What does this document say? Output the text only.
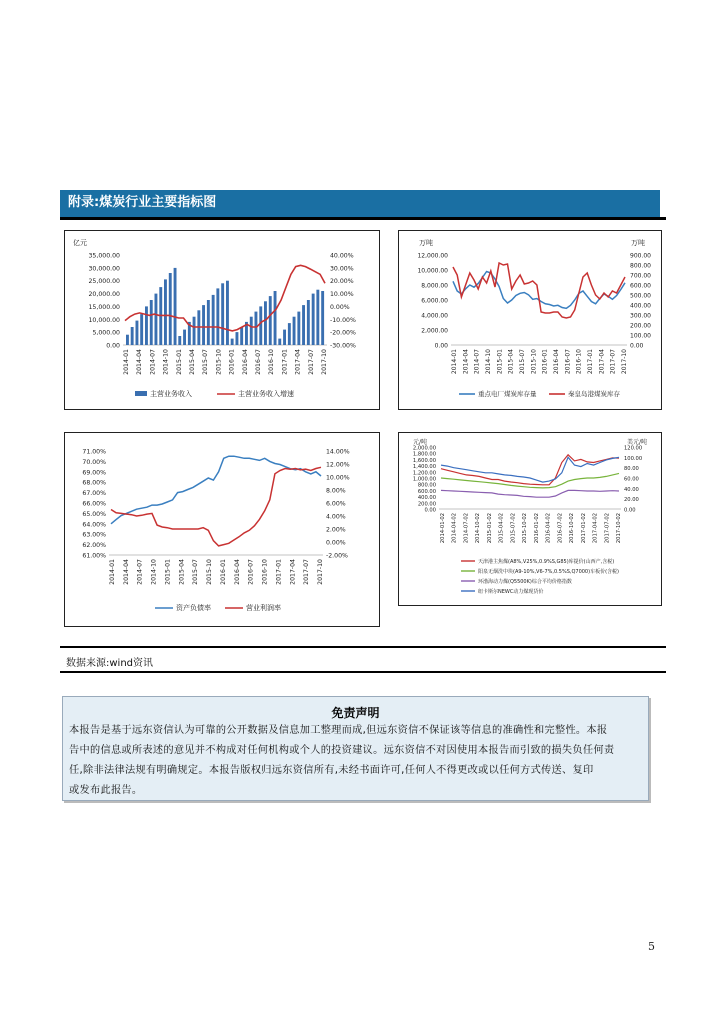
附录:煤炭行业主要指标图
亿元
35,000.00
30,000.00
25,000.00
20,000.00
15,000.00
10,000.00
5,000.00
0.00
40.00%
30.00%
20.00%
10.00%
0.00%
-10.00%
-20.00%
-30.00%
2014-01 2014-04 2014-07 2014-10 2015-01 2015-04 2015-07 2015-10 2016-01 2016-04 2016-07 2016-10 2017-01 2017-04 2017-07 2017-10
主营业务收入	主营业务收入增速
万吨	万吨
12,000.00
10,000.00
8,000.00
6,000.00
4,000.00
2,000.00
0.00
900.00
800.00
700.00
600.00
500.00
400.00
300.00
200.00
100.00
0.00
2014-01 2014-04 2014-07 2014-10 2015-01 2015-04 2015-07 2015-10 2016-01 2016-04 2016-07 2016-10 2017-01 2017-04 2017-07 2017-10
重点电厂煤炭库存量	秦皇岛港煤炭库存
71.00%
70.00%
69.00%
68.00%
67.00%
66.00%
65.00%
64.00%
63.00%
62.00%
61.00%
14.00%
12.00%
10.00%
8.00%
6.00%
4.00%
2.00%
0.00%
-2.00%
2014-01 2014-04 2014-07 2014-10 2015-01 2015-04 2015-07 2015-10 2016-01 2016-04 2016-07 2016-10 2017-01 2017-04 2017-07 2017-10
资产负债率	营业利润率
元/吨	美元/吨
2,000.00
1,800.00
1,600.00
1,400.00
1,200.00
1,000.00
800.00
600.00
400.00
200.00
0.00
120.00
100.00
80.00
60.00
40.00
20.00
0.00
2014-01-02 2014-04-02 2014-07-02 2014-10-02 2015-01-02 2015-04-02 2015-07-02 2015-10-02 2016-01-02 2016-04-02 2016-07-02 2016-10-02 2017-01-02 2017-04-02 2017-07-02 2017-10-02
天津港主焦煤(A8%,V25%,0.9%S,G85)库提价(山西产,含税)
阳泉无烟洗中块(A9-10%,V6-7%,0.5%S,Q7000)车板价(含税)
环渤海动力煤(Q5500K)综合平均价格指数
纽卡斯尔NEWC动力煤现货价
数据来源:wind资讯
免责声明
本报告是基于远东资信认为可靠的公开数据及信息加工整理而成,但远东资信不保证该等信息的准确性和完整性。本报
告中的信息或所表述的意见并不构成对任何机构或个人的投资建议。远东资信不对因使用本报告而引致的损失负任何责
任,除非法律法规有明确规定。本报告版权归远东资信所有,未经书面许可,任何人不得更改或以任何方式传送、复印
或发布此报告。
5
